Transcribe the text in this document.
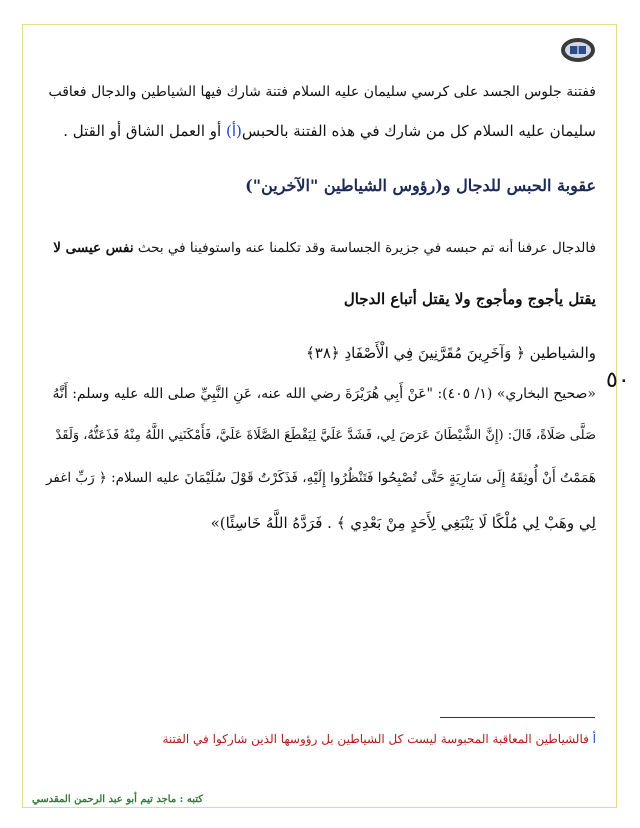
ففتنة جلوس الجسد على كرسي سليمان عليه السلام فتنة شارك فيها الشياطين والدجال فعاقب
سليمان عليه السلام كل من شارك في هذه الفتنة بالحبس(أ) أو العمل الشاق أو القتل .
عقوبة الحبس للدجال و(رؤوس الشياطين "الآخرين")
فالدجال عرفنا أنه تم حبسه في جزيرة الجساسة وقد تكلمنا عنه واستوفينا في بحث نفس عيسى لا
يقتل يأجوج ومأجوج ولا يقتل أتباع الدجال
والشياطين ﴿ وَآخَرِينَ مُقَرَّنِينَ فِي الْأَصْفَادِ ﴿٣٨﴾
٥٠
«صحيح البخاري» (١/ ٤٠٥): "عَنْ أَبِي هُرَيْرَةَ رضي الله عنه، عَنِ النَّبِيِّ صلى الله عليه وسلم: أَنَّهُ
صَلَّى صَلَاةً، قَالَ: (إِنَّ الشَّيْطَانَ عَرَضَ لِي، فَشَدَّ عَلَيَّ لِيَقْطَعَ الصَّلَاةَ عَلَيَّ، فَأَمْكَنَنِي اللَّهُ مِنْهُ فَذَعَتُّهُ، وَلَقَدْ
هَمَمْتُ أَنْ أُوثِقَهُ إِلَى سَارِيَةٍ حَتَّى تُصْبِحُوا فَتَنْظُرُوا إِلَيْهِ، فَذَكَرْتُ قَوْلَ سُلَيْمَانَ عليه السلام: ﴿ رَبِّ اغفر
لِي وهَبْ لِي مُلْكًا لَا يَنْبَغِي لِأَحَدٍ مِنْ بَعْدِي ﴾ . فَرَدَّهُ اللَّهُ خَاسِئًا)»
أ فالشياطين المعاقبة المحبوسة ليست كل الشياطين بل رؤوسها الذين شاركوا في الفتنة
كتبه : ماجد تيم أبو عبد الرحمن المقدسي
